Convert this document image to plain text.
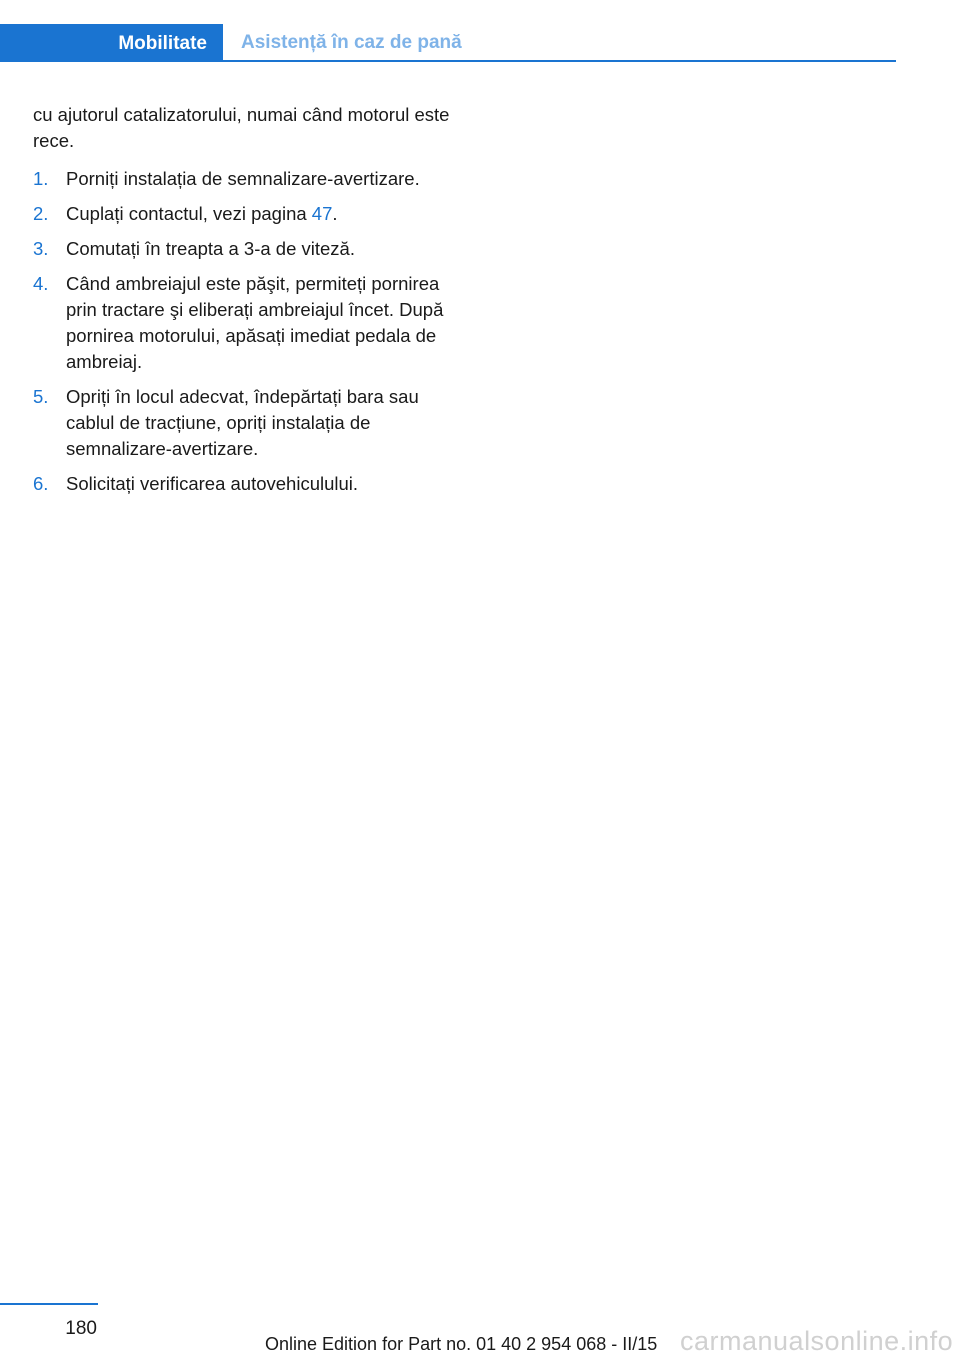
Mobilitate	Asistență în caz de pană

cu ajutorul catalizatorului, numai când motorul este rece.

1. Porniți instalația de semnalizare-avertizare.
2. Cuplați contactul, vezi pagina 47.
3. Comutați în treapta a 3-a de viteză.
4. Când ambreiajul este păşit, permiteți pornirea prin tractare şi eliberați ambreiajul încet. După pornirea motorului, apăsați imediat pedala de ambreiaj.
5. Opriți în locul adecvat, îndepărtați bara sau cablul de tracțiune, opriți instalația de semnalizare-avertizare.
6. Solicitați verificarea autovehiculului.
180
Online Edition for Part no. 01 40 2 954 068 - II/15 carmanualsonline.info
